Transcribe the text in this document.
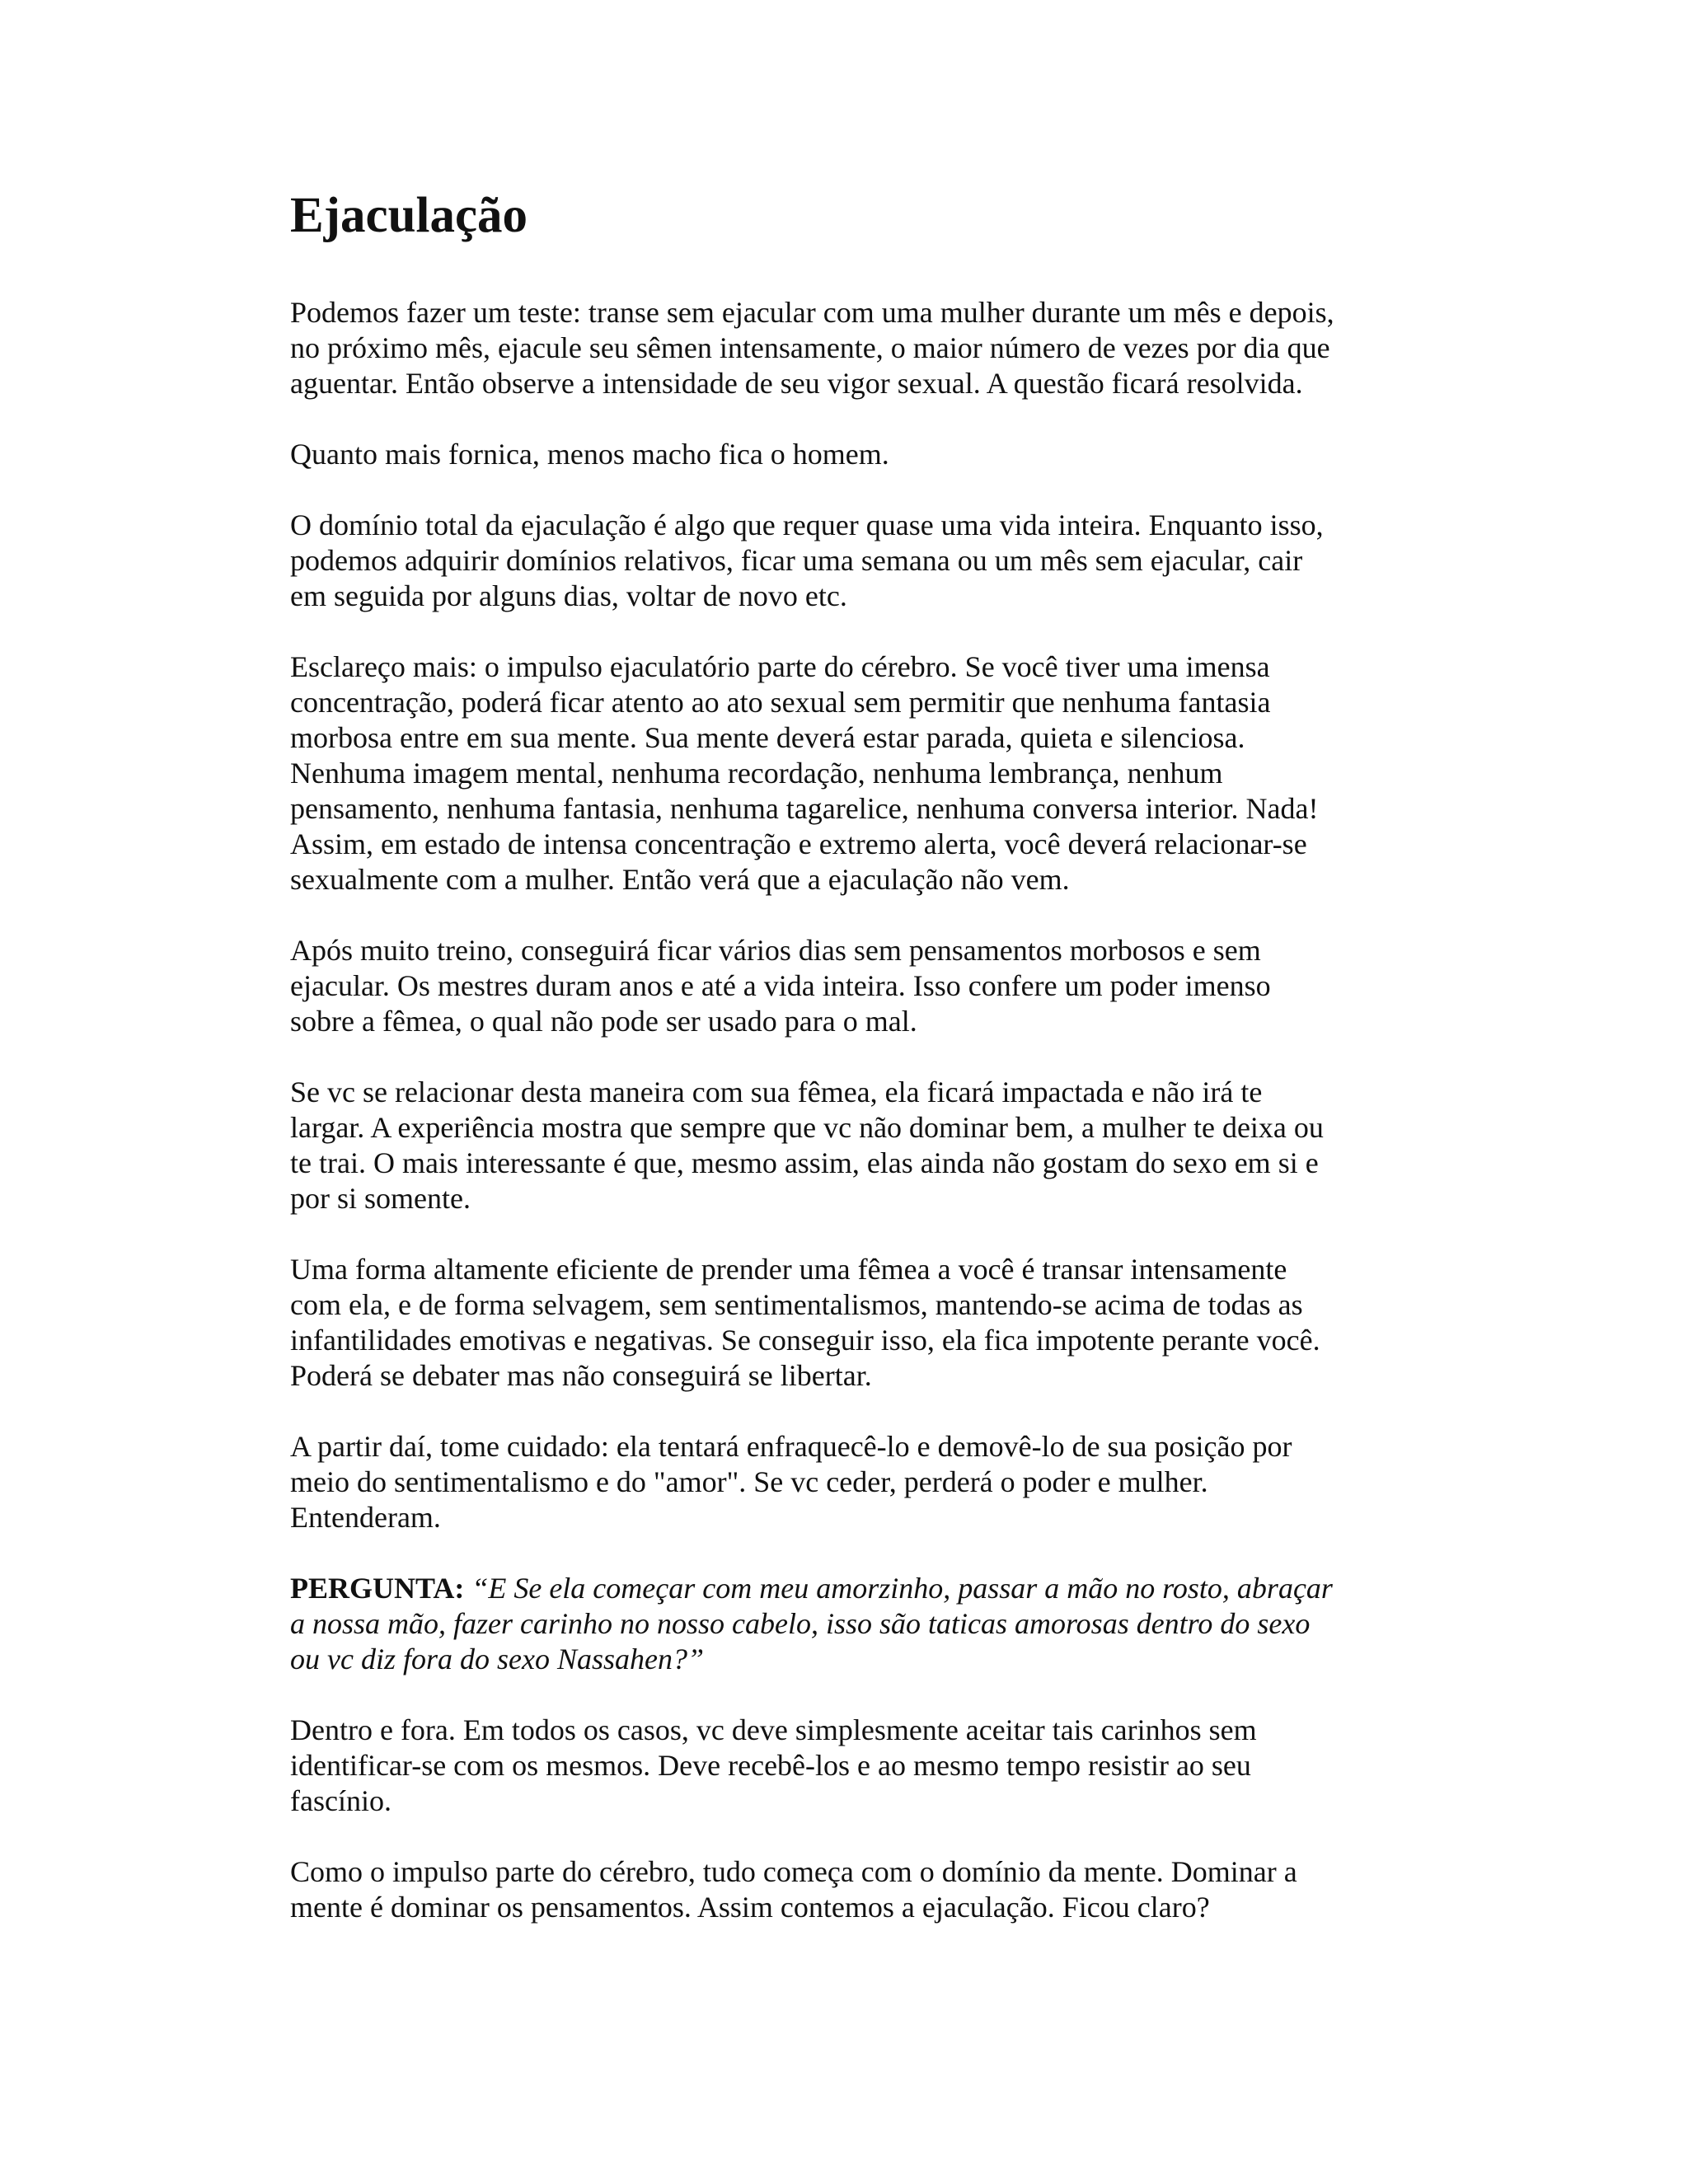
Ejaculação

Podemos fazer um teste: transe sem ejacular com uma mulher durante um mês e depois,
no próximo mês, ejacule seu sêmen intensamente, o maior número de vezes por dia que
aguentar. Então observe a intensidade de seu vigor sexual. A questão ficará resolvida.

Quanto mais fornica, menos macho fica o homem.

O domínio total da ejaculação é algo que requer quase uma vida inteira. Enquanto isso,
podemos adquirir domínios relativos, ficar uma semana ou um mês sem ejacular, cair
em seguida por alguns dias, voltar de novo etc.

Esclareço mais: o impulso ejaculatório parte do cérebro. Se você tiver uma imensa
concentração, poderá ficar atento ao ato sexual sem permitir que nenhuma fantasia
morbosa entre em sua mente. Sua mente deverá estar parada, quieta e silenciosa.
Nenhuma imagem mental, nenhuma recordação, nenhuma lembrança, nenhum
pensamento, nenhuma fantasia, nenhuma tagarelice, nenhuma conversa interior. Nada!
Assim, em estado de intensa concentração e extremo alerta, você deverá relacionar-se
sexualmente com a mulher. Então verá que a ejaculação não vem.

Após muito treino, conseguirá ficar vários dias sem pensamentos morbosos e sem
ejacular. Os mestres duram anos e até a vida inteira. Isso confere um poder imenso
sobre a fêmea, o qual não pode ser usado para o mal.

Se vc se relacionar desta maneira com sua fêmea, ela ficará impactada e não irá te
largar. A experiência mostra que sempre que vc não dominar bem, a mulher te deixa ou
te trai. O mais interessante é que, mesmo assim, elas ainda não gostam do sexo em si e
por si somente.

Uma forma altamente eficiente de prender uma fêmea a você é transar intensamente
com ela, e de forma selvagem, sem sentimentalismos, mantendo-se acima de todas as
infantilidades emotivas e negativas. Se conseguir isso, ela fica impotente perante você.
Poderá se debater mas não conseguirá se libertar.

A partir daí, tome cuidado: ela tentará enfraquecê-lo e demovê-lo de sua posição por
meio do sentimentalismo e do "amor". Se vc ceder, perderá o poder e mulher.
Entenderam.

PERGUNTA: “E Se ela começar com meu amorzinho, passar a mão no rosto, abraçar
a nossa mão, fazer carinho no nosso cabelo, isso são taticas amorosas dentro do sexo
ou vc diz fora do sexo Nassahen?”

Dentro e fora. Em todos os casos, vc deve simplesmente aceitar tais carinhos sem
identificar-se com os mesmos. Deve recebê-los e ao mesmo tempo resistir ao seu
fascínio.

Como o impulso parte do cérebro, tudo começa com o domínio da mente. Dominar a
mente é dominar os pensamentos. Assim contemos a ejaculação. Ficou claro?
